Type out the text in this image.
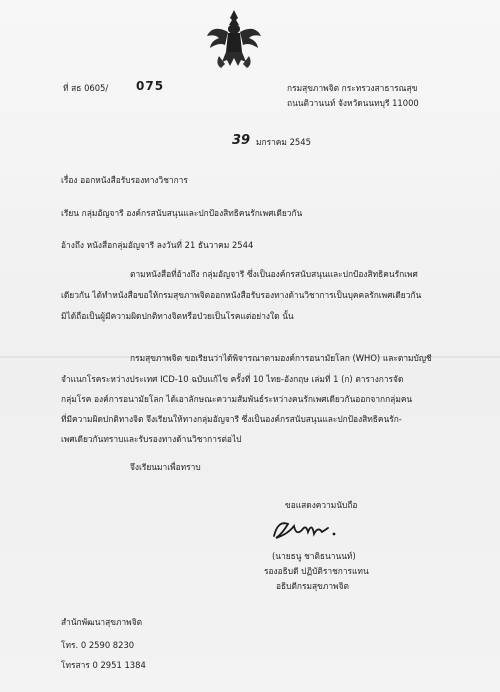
ที่ สธ 0605/ 075	กรมสุขภาพจิต กระทรวงสาธารณสุข
ถนนติวานนท์ จังหวัดนนทบุรี 11000
39 มกราคม 2545
เรื่อง ออกหนังสือรับรองทางวิชาการ
เรียน กลุ่มอัญจารี องค์กรสนับสนุนและปกป้องสิทธิคนรักเพศเดียวกัน
อ้างถึง หนังสือกลุ่มอัญจารี ลงวันที่ 21 ธันวาคม 2544
ตามหนังสือที่อ้างถึง กลุ่มอัญจารี ซึ่งเป็นองค์กรสนับสนุนและปกป้องสิทธิคนรักเพศ
เดียวกัน ได้ทำหนังสือขอให้กรมสุขภาพจิตออกหนังสือรับรองทางด้านวิชาการเป็นบุคคลรักเพศเดียวกัน
มิได้ถือเป็นผู้มีความผิดปกติทางจิตหรือป่วยเป็นโรคแต่อย่างใด นั้น
กรมสุขภาพจิต ขอเรียนว่าได้พิจารณาตามองค์การอนามัยโลก (WHO) และตามบัญชี
จำแนกโรคระหว่างประเทศ ICD-10 ฉบับแก้ไข ครั้งที่ 10 ไทย-อังกฤษ เล่มที่ 1 (ก) ตารางการจัด
กลุ่มโรค องค์การอนามัยโลก ได้เอาลักษณะความสัมพันธ์ระหว่างคนรักเพศเดียวกันออกจากกลุ่มคน
ที่มีความผิดปกติทางจิต จึงเรียนให้ทางกลุ่มอัญจารี ซึ่งเป็นองค์กรสนับสนุนและปกป้องสิทธิคนรัก-
เพศเดียวกันทราบและรับรองทางด้านวิชาการต่อไป
จึงเรียนมาเพื่อทราบ
ขอแสดงความนับถือ
(นายธนู ชาติธนานนท์)
รองอธิบดี ปฏิบัติราชการแทน
อธิบดีกรมสุขภาพจิต
สำนักพัฒนาสุขภาพจิต
โทร. 0 2590 8230
โทรสาร 0 2951 1384
